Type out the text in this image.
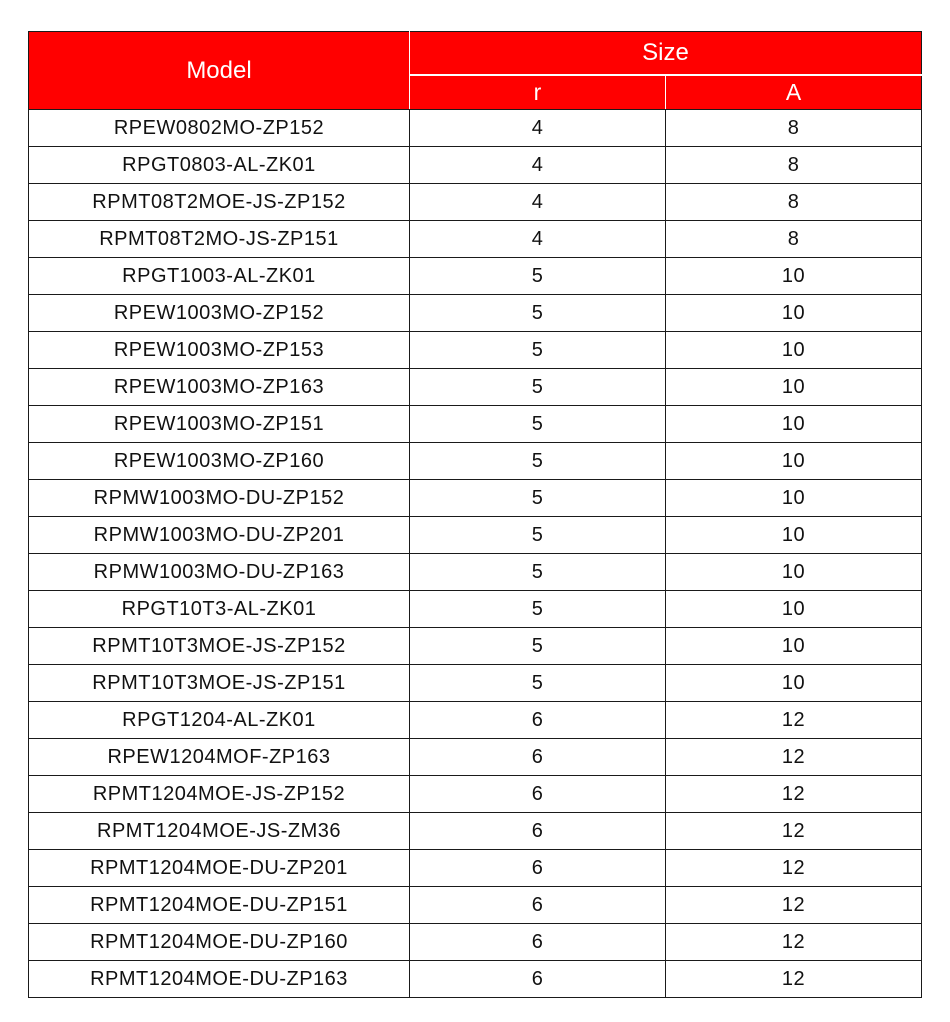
Model	Size	
	r	A
RPEW0802MO-ZP152	4	8
RPGT0803-AL-ZK01	4	8
RPMT08T2MOE-JS-ZP152	4	8
RPMT08T2MO-JS-ZP151	4	8
RPGT1003-AL-ZK01	5	10
RPEW1003MO-ZP152	5	10
RPEW1003MO-ZP153	5	10
RPEW1003MO-ZP163	5	10
RPEW1003MO-ZP151	5	10
RPEW1003MO-ZP160	5	10
RPMW1003MO-DU-ZP152	5	10
RPMW1003MO-DU-ZP201	5	10
RPMW1003MO-DU-ZP163	5	10
RPGT10T3-AL-ZK01	5	10
RPMT10T3MOE-JS-ZP152	5	10
RPMT10T3MOE-JS-ZP151	5	10
RPGT1204-AL-ZK01	6	12
RPEW1204MOF-ZP163	6	12
RPMT1204MOE-JS-ZP152	6	12
RPMT1204MOE-JS-ZM36	6	12
RPMT1204MOE-DU-ZP201	6	12
RPMT1204MOE-DU-ZP151	6	12
RPMT1204MOE-DU-ZP160	6	12
RPMT1204MOE-DU-ZP163	6	12
